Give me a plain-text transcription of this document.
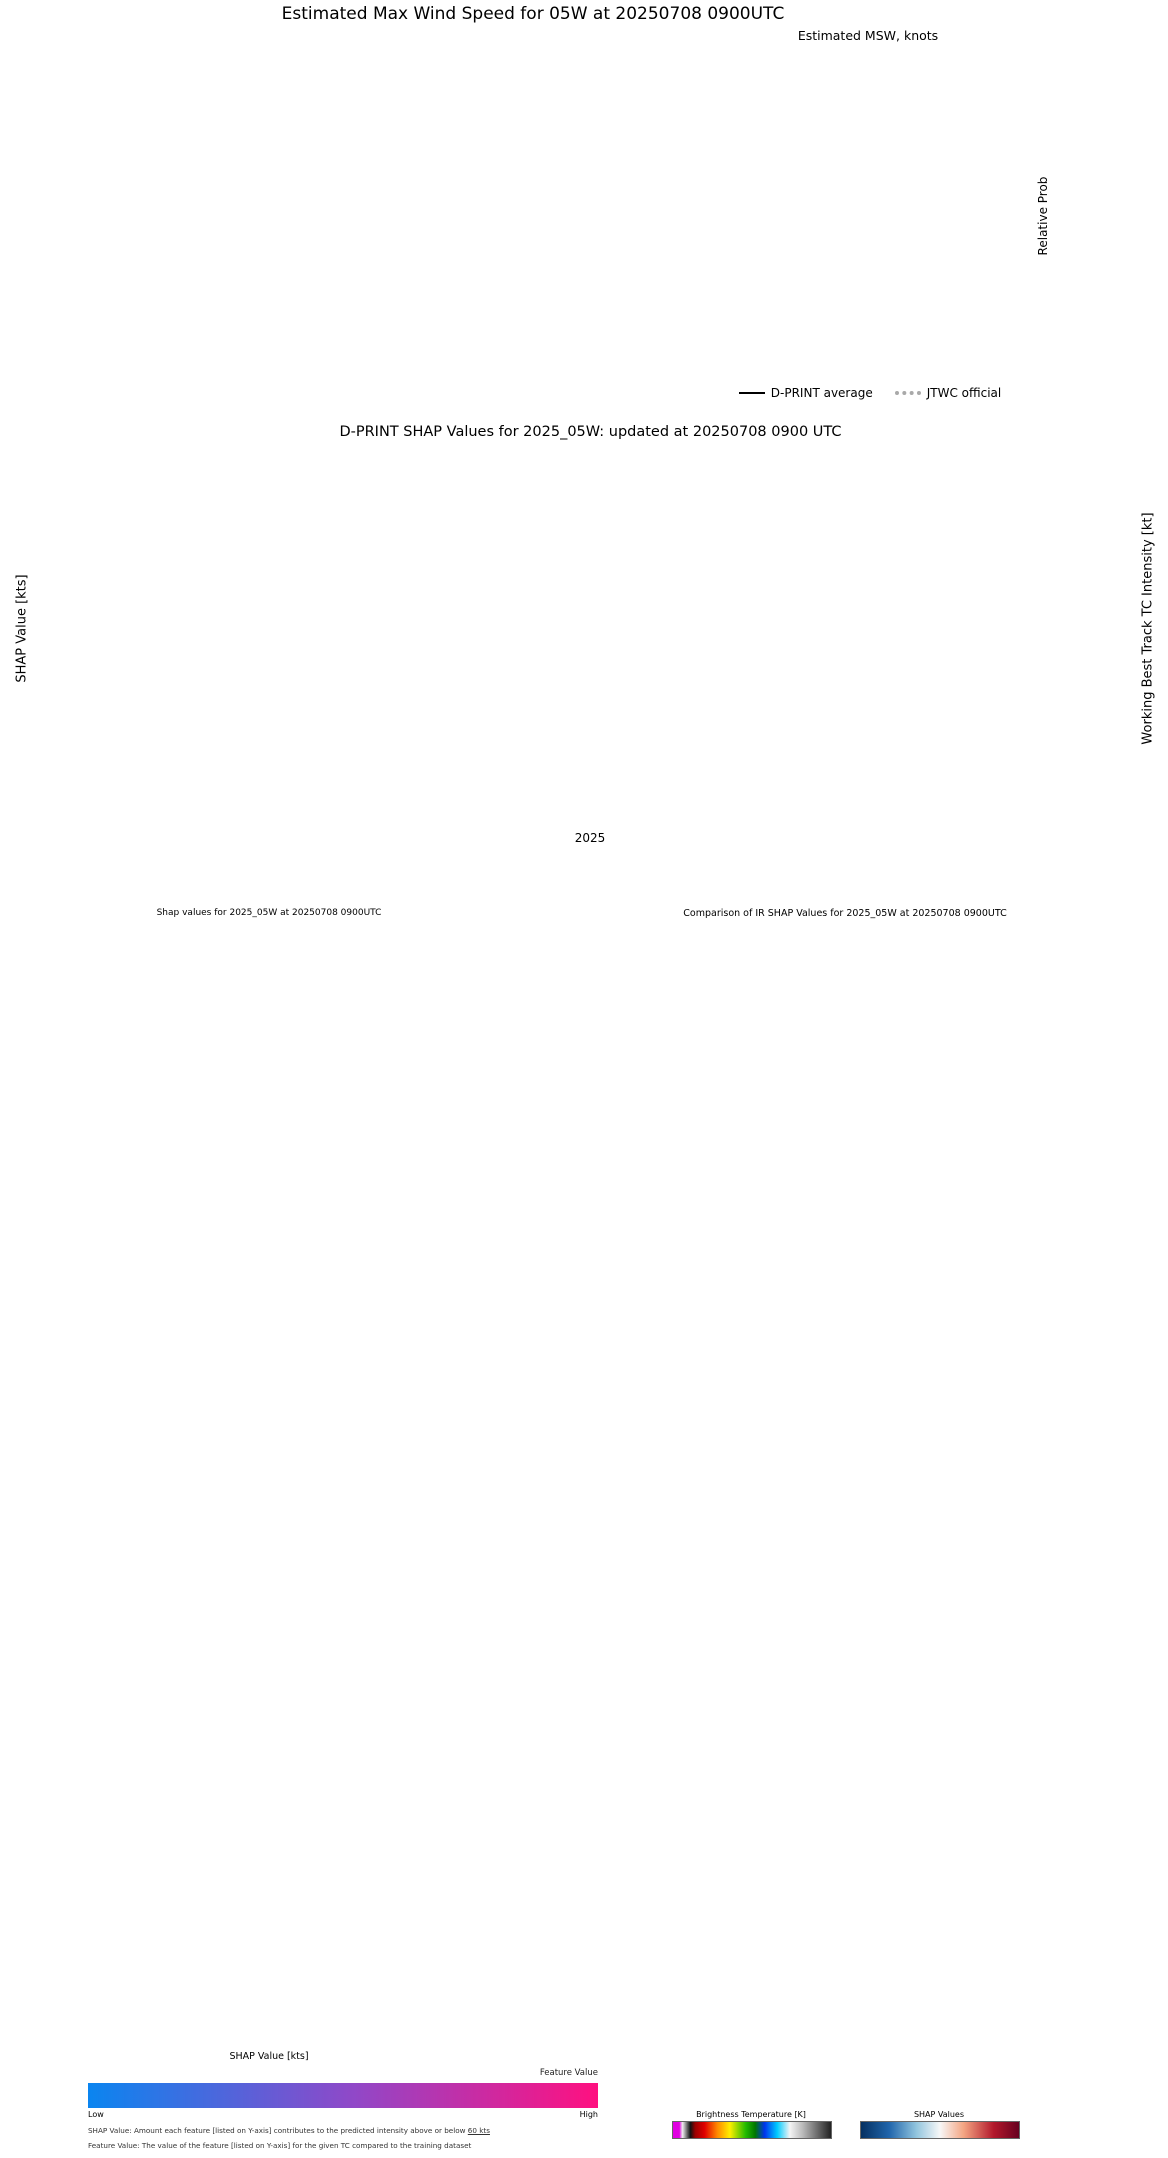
Estimated Max Wind Speed for 05W at 20250708 0900UTC
Estimated MSW, knots
Relative Prob
D-PRINT average	JTWC official
D-PRINT SHAP Values for 2025_05W: updated at 20250708 0900 UTC
SHAP Value [kts]	Working Best Track TC Intensity [kt]
2025
Shap values for 2025_05W at 20250708 0900UTC
SHAP Value [kts]
Feature Value
Low	High
SHAP Value: Amount each feature [listed on Y-axis] contributes to the predicted intensity above or below 60 kts
Feature Value: The value of the feature [listed on Y-axis] for the given TC compared to the training dataset
Comparison of IR SHAP Values for 2025_05W at 20250708 0900UTC
Brightness Temperature [K]	SHAP Values
